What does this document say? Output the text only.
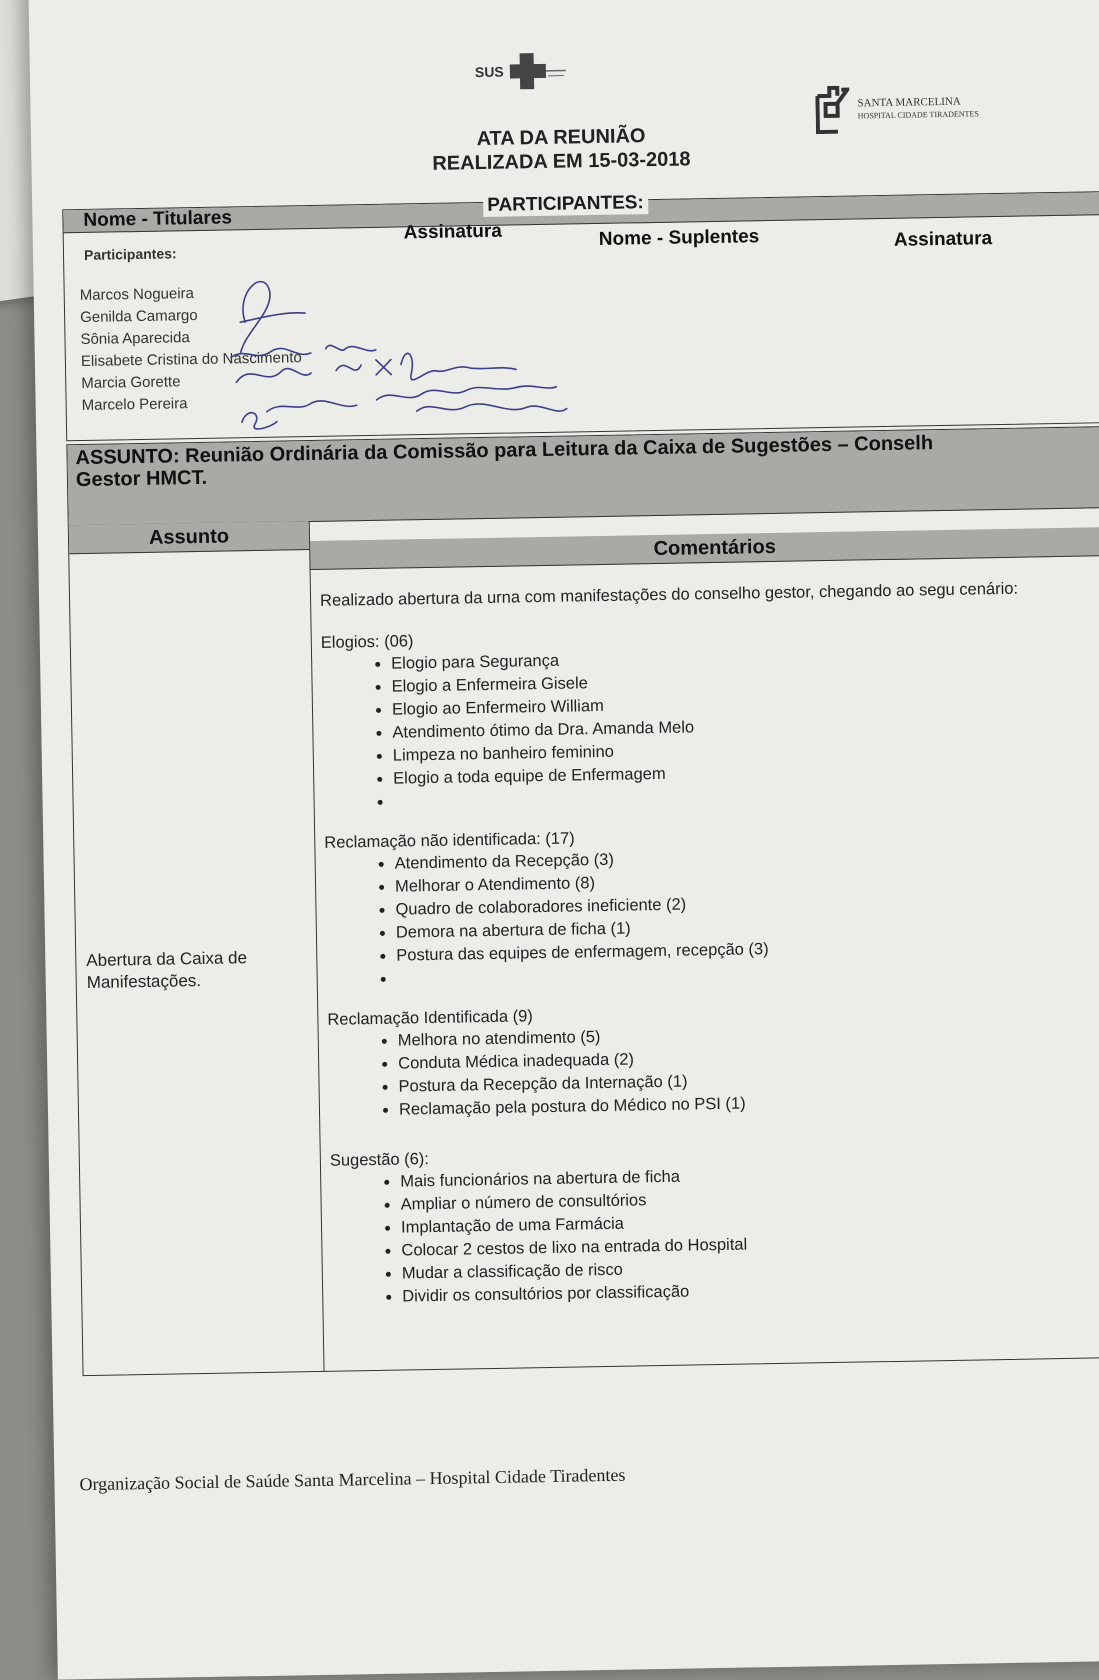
SUS
SANTA MARCELINA
HOSPITAL CIDADE TIRADENTES
ATA DA REUNIÃO
REALIZADA EM 15-03-2018
Nome - Titulares
Assinatura	Nome - Suplentes	Assinatura
PARTICIPANTES:
Participantes:
Marcos Nogueira
Genilda Camargo
Sônia Aparecida
Elisabete Cristina do Nascimento
Marcia Gorette
Marcelo Pereira
ASSUNTO: Reunião Ordinária da Comissão para Leitura da Caixa de Sugestões – Conselh
Gestor HMCT.
Assunto	Comentários
Abertura da Caixa de Manifestações.
Realizado abertura da urna com manifestações do conselho gestor, chegando ao segu cenário:
Elogios: (06)
• Elogio para Segurança
• Elogio a Enfermeira Gisele
• Elogio ao Enfermeiro William
• Atendimento ótimo da Dra. Amanda Melo
• Limpeza no banheiro feminino
• Elogio a toda equipe de Enfermagem
•
Reclamação não identificada: (17)
• Atendimento da Recepção (3)
• Melhorar o Atendimento (8)
• Quadro de colaboradores ineficiente (2)
• Demora na abertura de ficha (1)
• Postura das equipes de enfermagem, recepção (3)
•
Reclamação Identificada (9)
• Melhora no atendimento (5)
• Conduta Médica inadequada (2)
• Postura da Recepção da Internação (1)
• Reclamação pela postura do Médico no PSI (1)
Sugestão (6):
• Mais funcionários na abertura de ficha
• Ampliar o número de consultórios
• Implantação de uma Farmácia
• Colocar 2 cestos de lixo na entrada do Hospital
• Mudar a classificação de risco
• Dividir os consultórios por classificação
Organização Social de Saúde Santa Marcelina – Hospital Cidade Tiradentes
